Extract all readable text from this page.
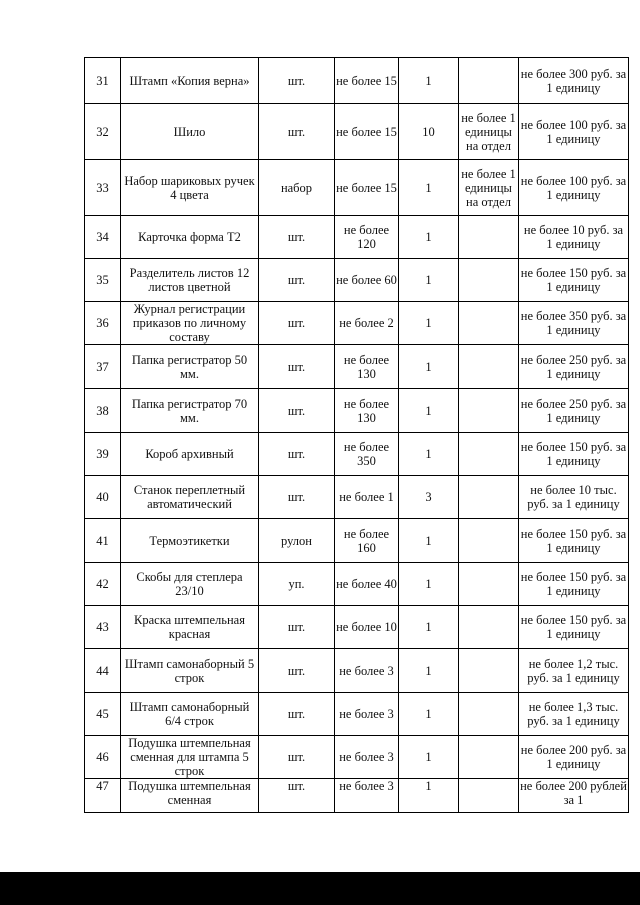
31	Штамп «Копия верна»	шт.	не более 15	1		не более 300 руб. за 1 единицу
32	Шило	шт.	не более 15	10	не более 1 единицы на отдел	не более 100 руб. за 1 единицу
33	Набор шариковых ручек 4 цвета	набор	не более 15	1	не более 1 единицы на отдел	не более 100 руб. за 1 единицу
34	Карточка форма Т2	шт.	не более 120	1		не более 10 руб. за 1 единицу
35	Разделитель листов 12 листов цветной	шт.	не более 60	1		не более 150 руб. за 1 единицу
36	Журнал регистрации приказов по личному составу	шт.	не более 2	1		не более 350 руб. за 1 единицу
37	Папка регистратор 50 мм.	шт.	не более 130	1		не более 250 руб. за 1 единицу
38	Папка регистратор 70 мм.	шт.	не более 130	1		не более 250 руб. за 1 единицу
39	Короб архивный	шт.	не более 350	1		не более 150 руб. за 1 единицу
40	Станок переплетный автоматический	шт.	не более 1	3		не более 10 тыс. руб. за 1 единицу
41	Термоэтикетки	рулон	не более 160	1		не более 150 руб. за 1 единицу
42	Скобы для степлера 23/10	уп.	не более 40	1		не более 150 руб. за 1 единицу
43	Краска штемпельная красная	шт.	не более 10	1		не более 150 руб. за 1 единицу
44	Штамп самонаборный 5 строк	шт.	не более 3	1		не более 1,2 тыс. руб. за 1 единицу
45	Штамп самонаборный 6/4 строк	шт.	не более 3	1		не более 1,3 тыс. руб. за 1 единицу
46	Подушка штемпельная сменная для штампа 5 строк	шт.	не более 3	1		не более 200 руб. за 1 единицу
47	Подушка штемпельная сменная	шт.	не более 3	1		не более 200 рублей за 1
